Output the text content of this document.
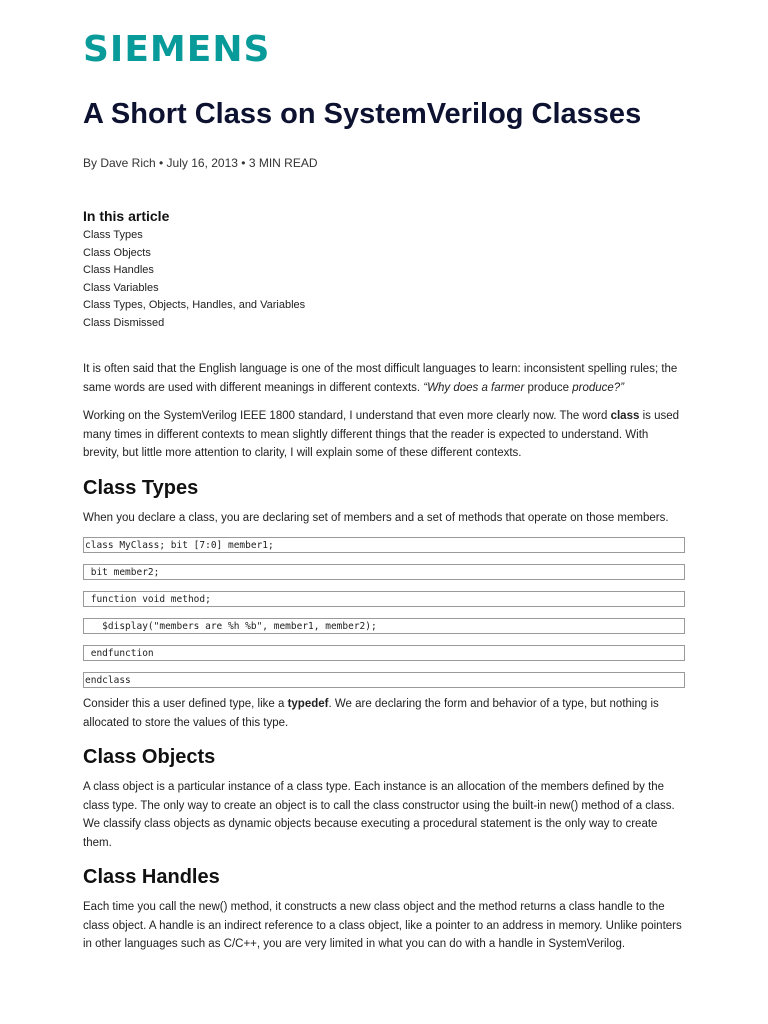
SIEMENS
A Short Class on SystemVerilog Classes
By Dave Rich • July 16, 2013 • 3 MIN READ
In this article
Class Types
Class Objects
Class Handles
Class Variables
Class Types, Objects, Handles, and Variables
Class Dismissed

It is often said that the English language is one of the most difficult languages to learn: inconsistent spelling rules; the same words are used with different meanings in different contexts. “Why does a farmer produce produce?”

Working on the SystemVerilog IEEE 1800 standard, I understand that even more clearly now. The word class is used many times in different contexts to mean slightly different things that the reader is expected to understand. With brevity, but little more attention to clarity, I will explain some of these different contexts.

Class Types

When you declare a class, you are declaring set of members and a set of methods that operate on those members.

class MyClass; bit [7:0] member1;
bit member2;
function void method;
$display("members are %h %b", member1, member2);
endfunction
endclass

Consider this a user defined type, like a typedef. We are declaring the form and behavior of a type, but nothing is allocated to store the values of this type.

Class Objects

A class object is a particular instance of a class type. Each instance is an allocation of the members defined by the class type. The only way to create an object is to call the class constructor using the built-in new() method of a class. We classify class objects as dynamic objects because executing a procedural statement is the only way to create them.

Class Handles

Each time you call the new() method, it constructs a new class object and the method returns a class handle to the class object. A handle is an indirect reference to a class object, like a pointer to an address in memory. Unlike pointers in other languages such as C/C++, you are very limited in what you can do with a handle in SystemVerilog.
